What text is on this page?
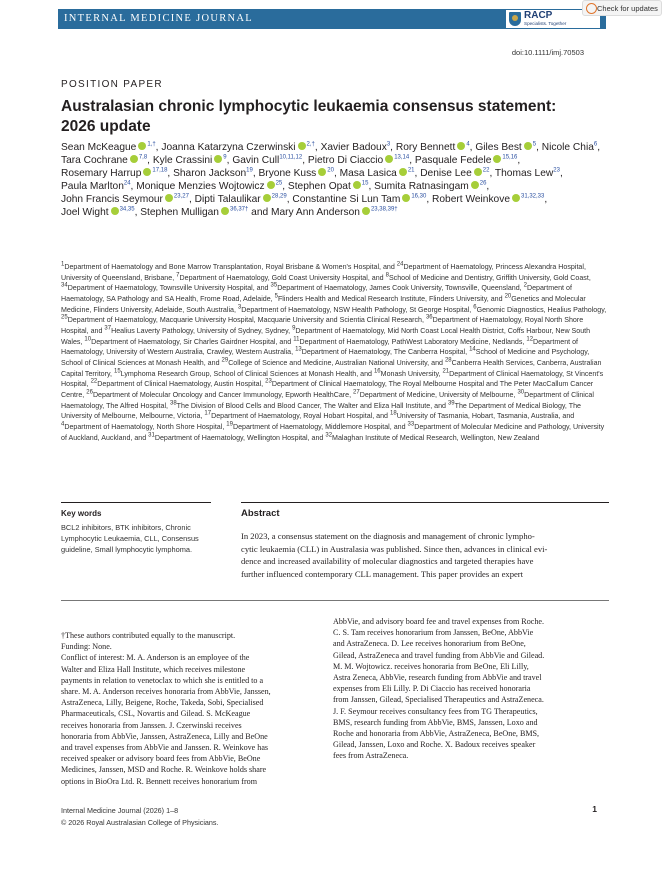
INTERNAL MEDICINE JOURNAL	RACP
Specialists. Together
Check for updates
doi:10.1111/imj.70503
POSITION PAPER
Australasian chronic lymphocytic leukaemia consensus statement: 2026 update
Sean McKeague $^{1,\dagger}$, Joanna Katarzyna Czerwinski $^{2,\dagger}$, Xavier Badoux$^3$, Rory Bennett $^4$, Giles Best $^5$, Nicole Chia$^6$, Tara Cochrane $^{7,8}$, Kyle Crassini $^9$, Gavin Cull$^{10,11,12}$, Pietro Di Ciaccio $^{13,14}$, Pasquale Fedele $^{15,16}$, Rosemary Harrup $^{17,18}$, Sharon Jackson$^{19}$, Bryone Kuss $^{20}$, Masa Lasica $^{21}$, Denise Lee $^{22}$, Thomas Lew$^{23}$, Paula Marlton$^{24}$, Monique Menzies Wojtowicz $^{25}$, Stephen Opat $^{15}$, Sumita Ratnasingam $^{26}$, John Francis Seymour $^{23,27}$, Dipti Talaulikar $^{28,29}$, Constantine Si Lun Tam $^{16,30}$, Robert Weinkove $^{31,32,33}$, Joel Wight $^{34,35}$, Stephen Mulligan $^{36,37\dagger}$ and Mary Ann Anderson $^{23,38,39\dagger}$
$^1$Department of Haematology and Bone Marrow Transplantation, Royal Brisbane & Women's Hospital, and $^{24}$Department of Haematology, Princess Alexandra Hospital, University of Queensland, Brisbane, $^7$Department of Haematology, Gold Coast University Hospital, and $^8$School of Medicine and Dentistry, Griffith University, Gold Coast, $^{34}$Department of Haematology, Townsville University Hospital, and $^{35}$Department of Haematology, James Cook University, Townsville, Queensland, $^2$Department of Haematology, SA Pathology and SA Health, Frome Road, Adelaide, $^5$Flinders Health and Medical Research Institute, Flinders University, and $^{20}$Genetics and Molecular Medicine, Flinders University, Adelaide, South Australia, $^3$Department of Haematology, NSW Health Pathology, St George Hospital, $^6$Genomic Diagnostics, Healius Pathology, $^{25}$Department of Haematology, Macquarie University Hospital, Macquarie University and Scientia Clinical Research, $^{36}$Department of Haematology, Royal North Shore Hospital, and $^{37}$Healius Laverty Pathology, University of Sydney, Sydney, $^9$Department of Haematology, Mid North Coast Local Health District, Coffs Harbour, New South Wales, $^{10}$Department of Haematology, Sir Charles Gairdner Hospital, and $^{11}$Department of Haematology, PathWest Laboratory Medicine, Nedlands, $^{12}$Department of Haematology, University of Western Australia, Crawley, Western Australia, $^{13}$Department of Haematology, The Canberra Hospital, $^{14}$School of Medicine and Psychology, School of Clinical Sciences at Monash Health, and $^{29}$College of Science and Medicine, Australian National University, and $^{28}$Canberra Health Services, Canberra, Australian Capital Territory, $^{15}$Lymphoma Research Group, School of Clinical Sciences at Monash Health, and $^{16}$Monash University, $^{21}$Department of Clinical Haematology, St Vincent's Hospital, $^{22}$Department of Clinical Haematology, Austin Hospital, $^{23}$Department of Clinical Haematology, The Royal Melbourne Hospital and The Peter MacCallum Cancer Centre, $^{26}$Department of Molecular Oncology and Cancer Immunology, Epworth HealthCare, $^{27}$Department of Medicine, University of Melbourne, $^{30}$Department of Clinical Haematology, The Alfred Hospital, $^{38}$The Division of Blood Cells and Blood Cancer, The Walter and Eliza Hall Institute, and $^{39}$The Department of Medical Biology, The University of Melbourne, Melbourne, Victoria, $^{17}$Department of Haematology, Royal Hobart Hospital, and $^{18}$University of Tasmania, Hobart, Tasmania, Australia, and $^4$Department of Haematology, North Shore Hospital, $^{19}$Department of Haematology, Middlemore Hospital, and $^{33}$Department of Molecular Medicine and Pathology, University of Auckland, Auckland, and $^{31}$Department of Haematology, Wellington Hospital, and $^{32}$Malaghan Institute of Medical Research, Wellington, New Zealand
Key words
BCL2 inhibitors, BTK inhibitors, Chronic Lymphocytic Leukaemia, CLL, Consensus guideline, Small lymphocytic lymphoma.
Abstract
In 2023, a consensus statement on the diagnosis and management of chronic lympho-
cytic leukaemia (CLL) in Australasia was published. Since then, advances in clinical evi-
dence and increased availability of molecular diagnostics and targeted therapies have
further influenced contemporary CLL management. This paper provides an expert
†These authors contributed equally to the manuscript.
Funding: None.
Conflict of interest: M. A. Anderson is an employee of the
Walter and Eliza Hall Institute, which receives milestone
payments in relation to venetoclax to which she is entitled to a
share. M. A. Anderson receives honoraria from AbbVie, Janssen,
AstraZeneca, Lilly, Beigene, Roche, Takeda, Sobi, Specialised
Pharmaceuticals, CSL, Novartis and Gilead. S. McKeague
receives honoraria from Janssen. J. Czerwinski receives
honoraria from AbbVie, Janssen, AstraZeneca, Lilly and BeOne
and travel expenses from AbbVie and Janssen. R. Weinkove has
received speaker or advisory board fees from AbbVie, BeOne
Medicines, Janssen, MSD and Roche. R. Weinkove holds share
options in BioOra Ltd. R. Bennett receives honorarium from
AbbVie, and advisory board fee and travel expenses from Roche.
C. S. Tam receives honorarium from Janssen, BeOne, AbbVie
and AstraZeneca. D. Lee receives honorarium from BeOne,
Gilead, AstraZeneca and travel funding from AbbVie and Gilead.
M. M. Wojtowicz. receives honoraria from BeOne, Eli Lilly,
Astra Zeneca, AbbVie, research funding from AbbVie and travel
expenses from Eli Lilly. P. Di Ciaccio has received honoraria
from Janssen, Gilead, Specialised Therapeutics and AstraZeneca.
J. F. Seymour receives consultancy fees from TG Therapeutics,
BMS, research funding from AbbVie, BMS, Janssen, Loxo and
Roche and honoraria from AbbVie, AstraZeneca, BeOne, BMS,
Gilead, Janssen, Loxo and Roche. X. Badoux receives speaker
fees from AstraZeneca.
Internal Medicine Journal (2026) 1–8
© 2026 Royal Australasian College of Physicians.
1
